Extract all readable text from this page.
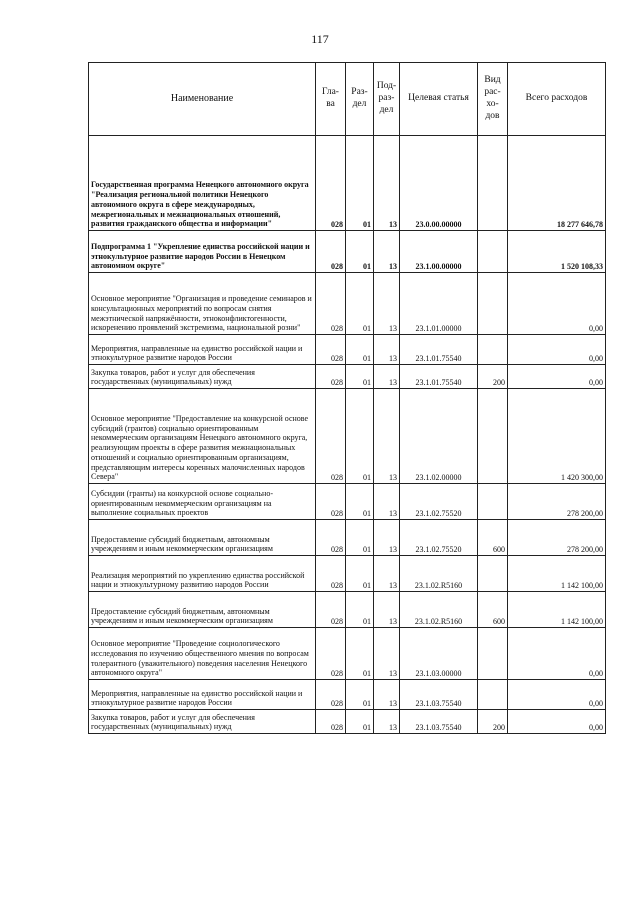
117
Наименование	Гла-ва	Раз-дел	Под-раз-дел	Целевая статья	Вид рас-хо-дов	Всего расходов
Государственная программа Ненецкого автономного округа "Реализация региональной политики Ненецкого автономного округа в сфере международных, межрегиональных и межнациональных отношений, развития гражданского общества и информации"	028	01	13	23.0.00.00000		18 277 646,78
Подпрограмма 1 "Укрепление единства российской нации и этнокультурное развитие народов России в Ненецком автономном округе"	028	01	13	23.1.00.00000		1 520 108,33
Основное мероприятие "Организация и проведение семинаров и консультационных мероприятий по вопросам снятия межэтнической напряжённости, этноконфликтогенности, искоренению проявлений экстремизма, национальной розни"	028	01	13	23.1.01.00000		0,00
Мероприятия, направленные на единство российской нации и этнокультурное развитие народов России	028	01	13	23.1.01.75540		0,00
Закупка товаров, работ и услуг для обеспечения государственных (муниципальных) нужд	028	01	13	23.1.01.75540	200	0,00
Основное мероприятие "Предоставление на конкурсной основе субсидий (грантов) социально ориентированным некоммерческим организациям Ненецкого автономного округа, реализующим проекты в сфере развития межнациональных отношений и социально ориентированным организациям, представляющим интересы коренных малочисленных народов Севера"	028	01	13	23.1.02.00000		1 420 300,00
Субсидии (гранты) на конкурсной основе социально-ориентированным некоммерческим организациям на выполнение социальных проектов	028	01	13	23.1.02.75520		278 200,00
Предоставление субсидий бюджетным, автономным учреждениям и иным некоммерческим организациям	028	01	13	23.1.02.75520	600	278 200,00
Реализация мероприятий по укреплению единства российской нации и этнокультурному развитию народов России	028	01	13	23.1.02.R5160		1 142 100,00
Предоставление субсидий бюджетным, автономным учреждениям и иным некоммерческим организациям	028	01	13	23.1.02.R5160	600	1 142 100,00
Основное мероприятие "Проведение социологического исследования по изучению общественного мнения по вопросам толерантного (уважительного) поведения населения Ненецкого автономного округа"	028	01	13	23.1.03.00000		0,00
Мероприятия, направленные на единство российской нации и этнокультурное развитие народов России	028	01	13	23.1.03.75540		0,00
Закупка товаров, работ и услуг для обеспечения государственных (муниципальных) нужд	028	01	13	23.1.03.75540	200	0,00
